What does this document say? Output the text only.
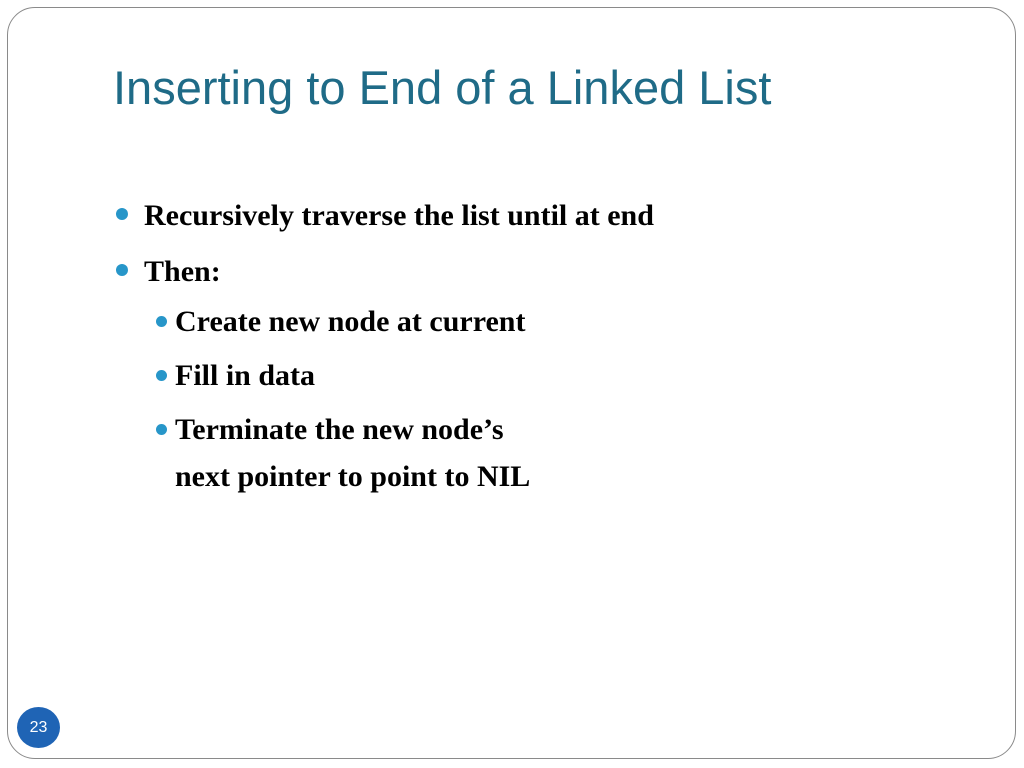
Inserting to End of a Linked List
Recursively traverse the list until at end
Then:
Create new node at current
Fill in data
Terminate the new node’s
next pointer to point to NIL
23
